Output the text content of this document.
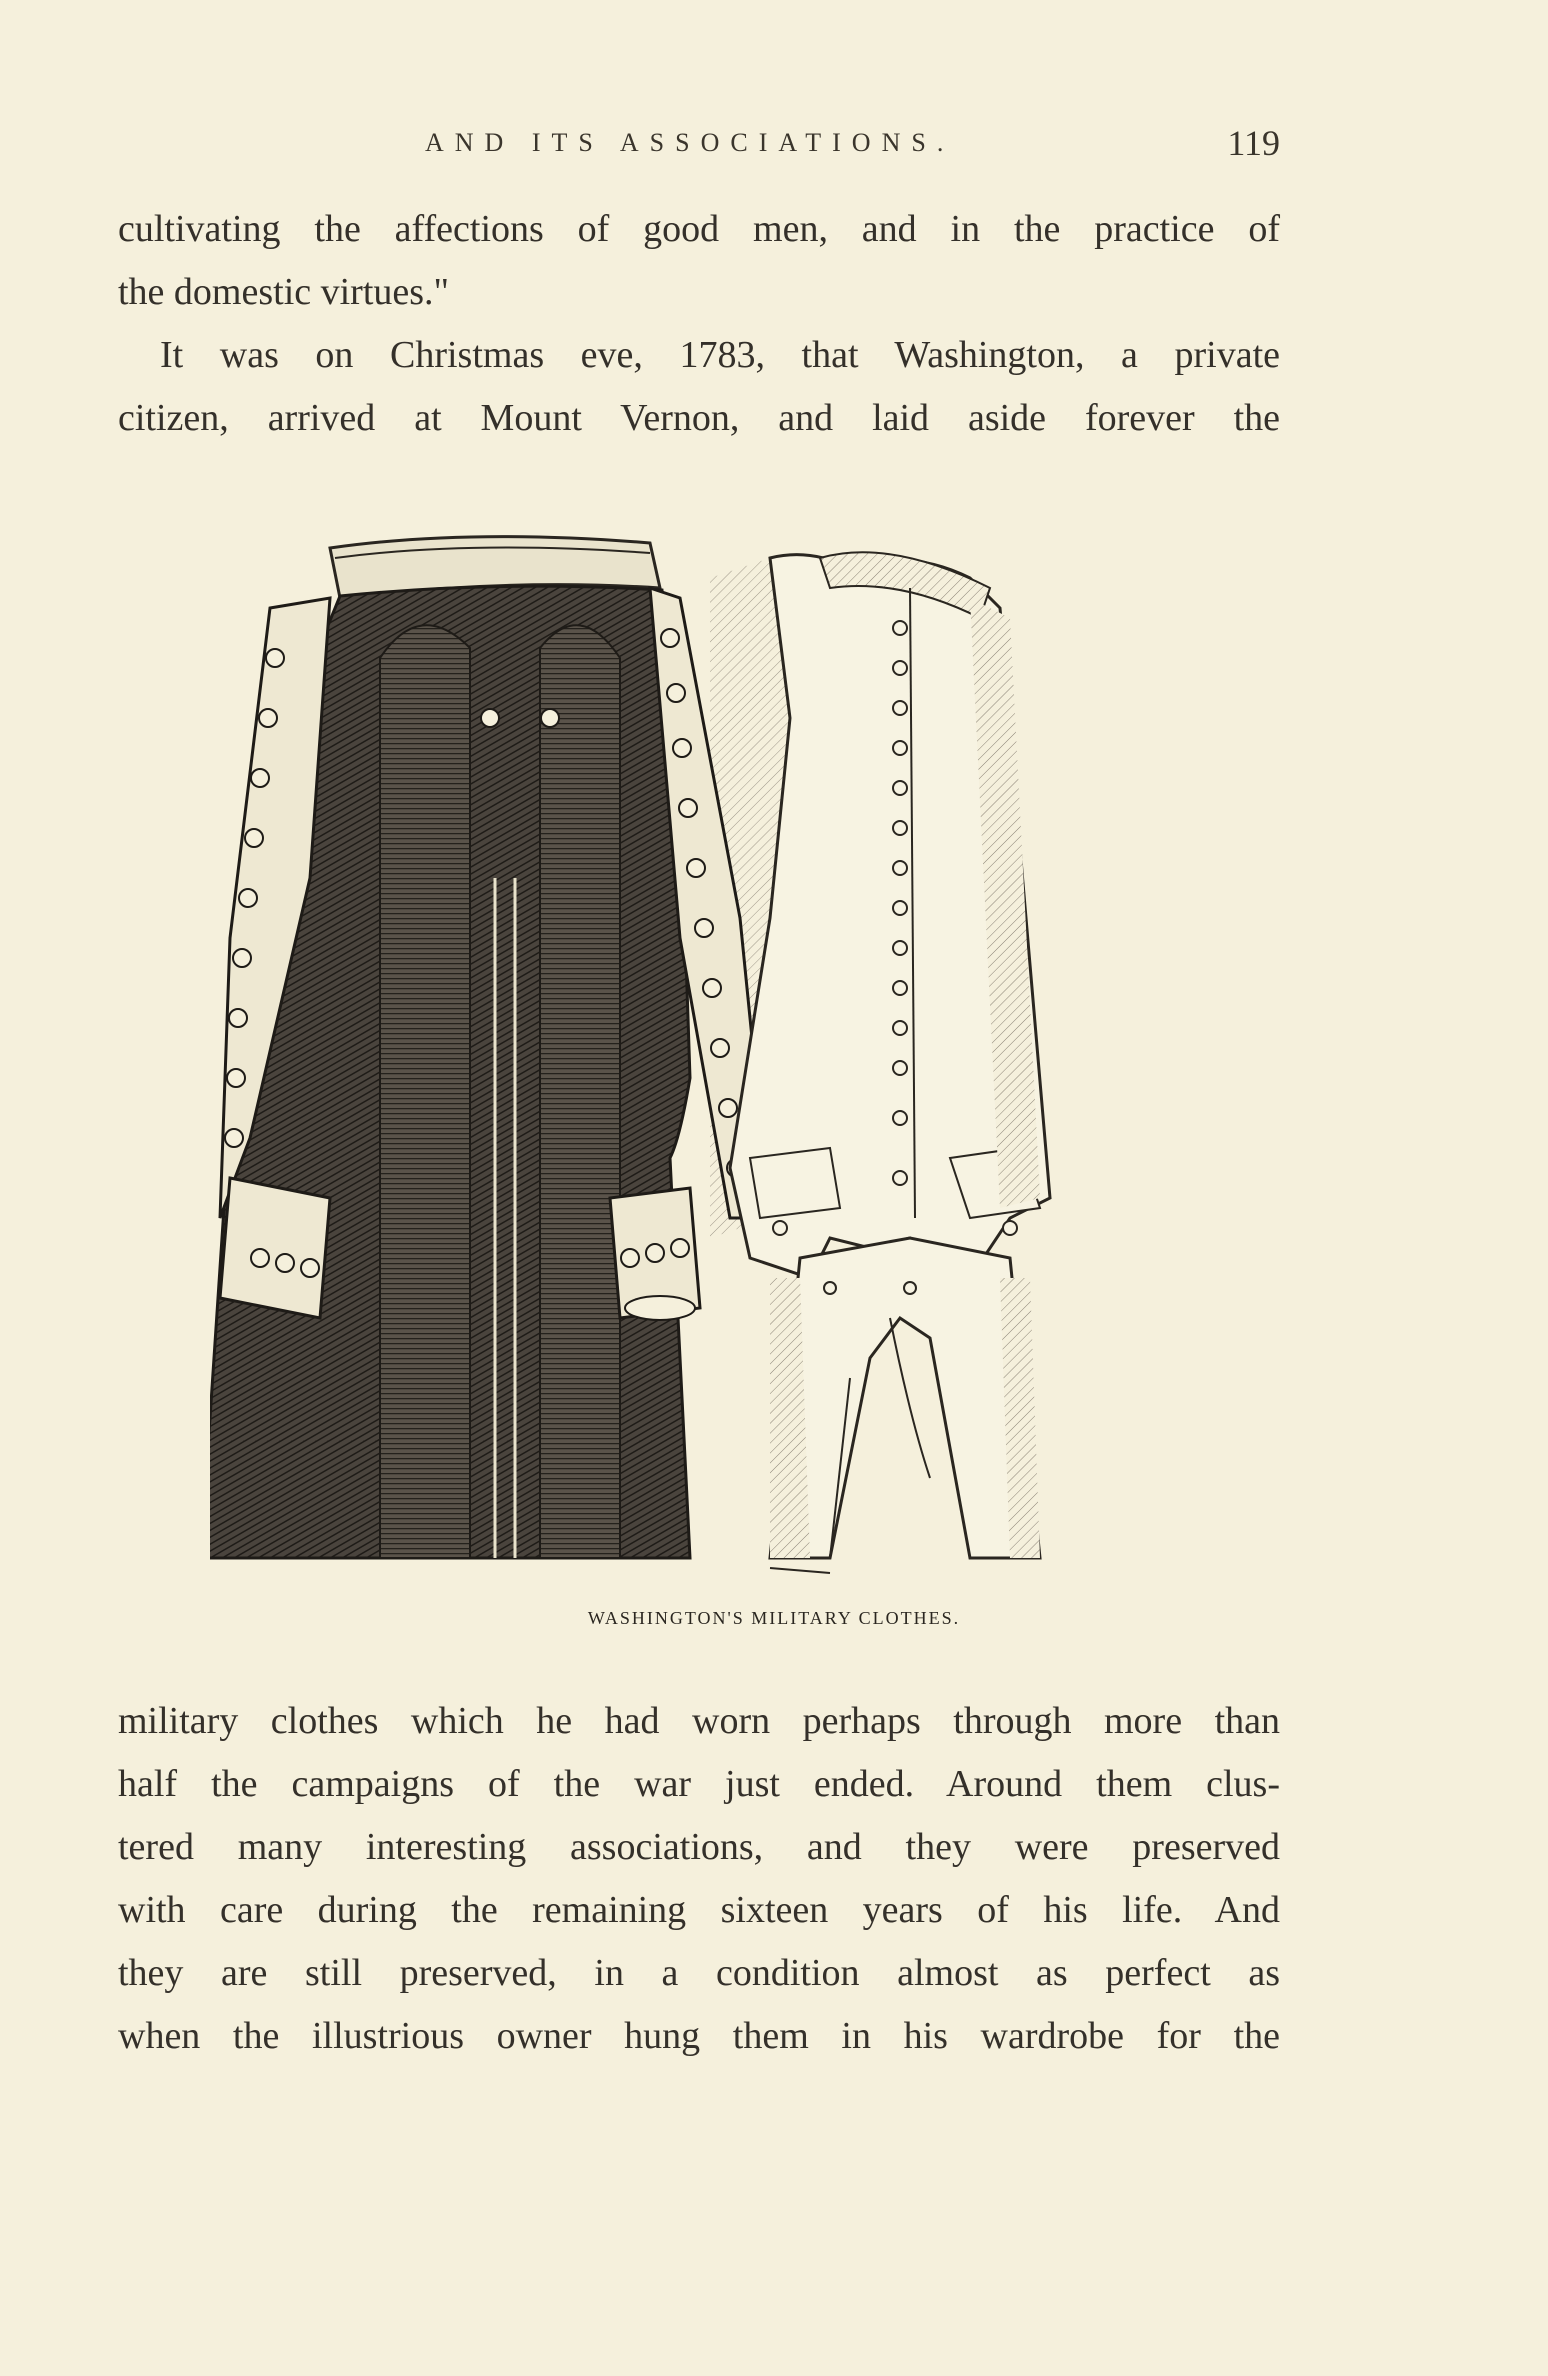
AND ITS ASSOCIATIONS.	119
cultivating the affections of good men, and in the practice of
the domestic virtues."
It was on Christmas eve, 1783, that Washington, a private
citizen, arrived at Mount Vernon, and laid aside forever the
WASHINGTON'S MILITARY CLOTHES.
military clothes which he had worn perhaps through more than
half the campaigns of the war just ended. Around them clus-
tered many interesting associations, and they were preserved
with care during the remaining sixteen years of his life. And
they are still preserved, in a condition almost as perfect as
when the illustrious owner hung them in his wardrobe for the
